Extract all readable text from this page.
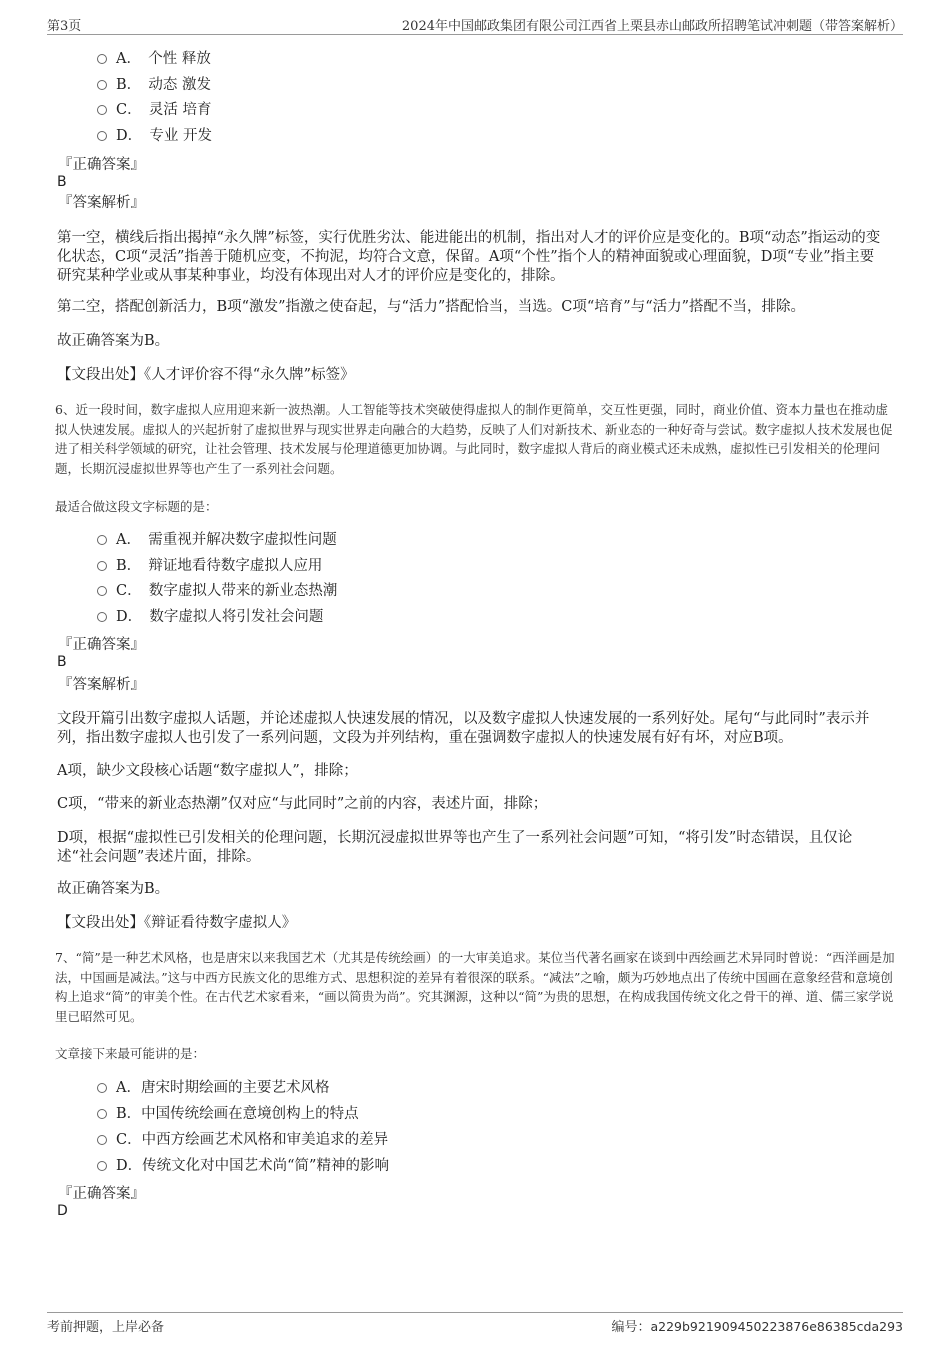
第3页	2024年中国邮政集团有限公司江西省上栗县赤山邮政所招聘笔试冲刺题（带答案解析）
A．　个性 释放
B．　动态 激发
C．　灵活 培育
D．　专业 开发
『正确答案』
B
『答案解析』
第一空，横线后指出揭掉“永久牌”标签，实行优胜劣汰、能进能出的机制，指出对人才的评价应是变化的。B项“动态”指运动的变化状态，C项“灵活”指善于随机应变，不拘泥，均符合文意，保留。A项“个性”指个人的精神面貌或心理面貌，D项“专业”指主要研究某种学业或从事某种事业，均没有体现出对人才的评价应是变化的，排除。
第二空，搭配创新活力，B项“激发”指激之使奋起，与“活力”搭配恰当，当选。C项“培育”与“活力”搭配不当，排除。
故正确答案为B。
【文段出处】《人才评价容不得“永久牌”标签》
6、近一段时间，数字虚拟人应用迎来新一波热潮。人工智能等技术突破使得虚拟人的制作更简单，交互性更强，同时，商业价值、资本力量也在推动虚拟人快速发展。虚拟人的兴起折射了虚拟世界与现实世界走向融合的大趋势，反映了人们对新技术、新业态的一种好奇与尝试。数字虚拟人技术发展也促进了相关科学领域的研究，让社会管理、技术发展与伦理道德更加协调。与此同时，数字虚拟人背后的商业模式还未成熟，虚拟性已引发相关的伦理问题，长期沉浸虚拟世界等也产生了一系列社会问题。
最适合做这段文字标题的是：
A．　需重视并解决数字虚拟性问题
B．　辩证地看待数字虚拟人应用
C．　数字虚拟人带来的新业态热潮
D．　数字虚拟人将引发社会问题
『正确答案』
B
『答案解析』
文段开篇引出数字虚拟人话题，并论述虚拟人快速发展的情况，以及数字虚拟人快速发展的一系列好处。尾句“与此同时”表示并列，指出数字虚拟人也引发了一系列问题，文段为并列结构，重在强调数字虚拟人的快速发展有好有坏，对应B项。
A项，缺少文段核心话题“数字虚拟人”，排除；
C项，“带来的新业态热潮”仅对应“与此同时”之前的内容，表述片面，排除；
D项，根据“虚拟性已引发相关的伦理问题，长期沉浸虚拟世界等也产生了一系列社会问题”可知，“将引发”时态错误，且仅论述“社会问题”表述片面，排除。
故正确答案为B。
【文段出处】《辩证看待数字虚拟人》
7、“简”是一种艺术风格，也是唐宋以来我国艺术（尤其是传统绘画）的一大审美追求。某位当代著名画家在谈到中西绘画艺术异同时曾说：“西洋画是加法，中国画是减法。”这与中西方民族文化的思维方式、思想积淀的差异有着很深的联系。“减法”之喻，颇为巧妙地点出了传统中国画在意象经营和意境创构上追求“简”的审美个性。在古代艺术家看来，“画以简贵为尚”。究其渊源，这种以“简”为贵的思想，在构成我国传统文化之骨干的禅、道、儒三家学说里已昭然可见。
文章接下来最可能讲的是：
A．唐宋时期绘画的主要艺术风格
B．中国传统绘画在意境创构上的特点
C．中西方绘画艺术风格和审美追求的差异
D．传统文化对中国艺术尚“简”精神的影响
『正确答案』
D
考前押题，上岸必备	编号：a229b921909450223876e86385cda293
